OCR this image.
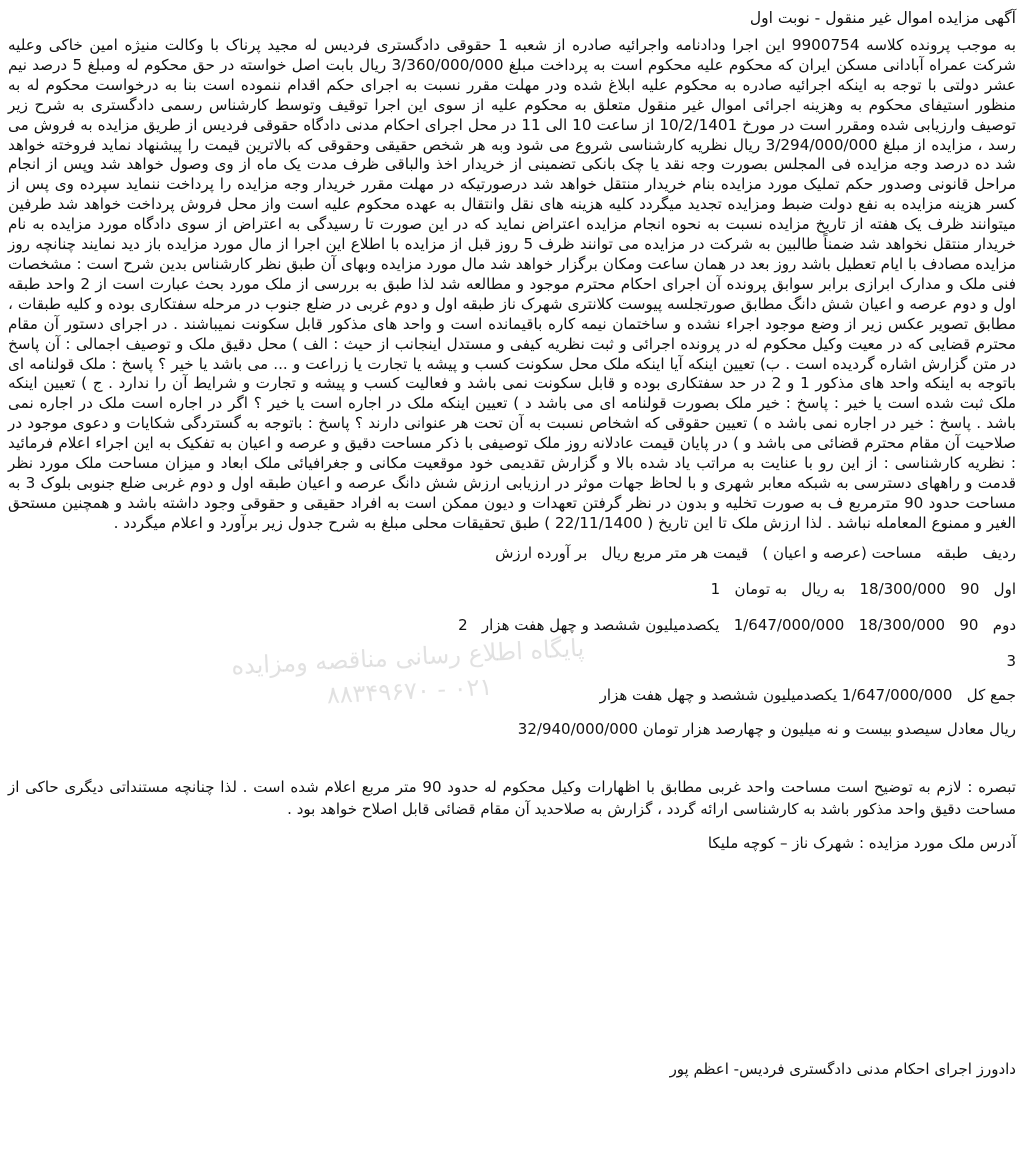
آگهی مزایده اموال غیر منقول - نوبت اول

به موجب پرونده کلاسه 9900754 این اجرا ودادنامه واجرائیه صادره از شعبه 1 حقوقی دادگستری فردیس له مجید پرناک با وکالت منیژه امین خاکی وعلیه شرکت عمراه آبادانی مسکن ایران که محکوم علیه محکوم است به پرداخت مبلغ 3/360/000/000 ریال بابت اصل خواسته در حق محکوم له ومبلغ 5 درصد نیم عشر دولتی با توجه به اینکه اجرائیه صادره به محکوم علیه ابلاغ شده ودر مهلت مقرر نسبت به اجرای حکم اقدام ننموده است بنا به درخواست محکوم له به منظور استیفای محکوم به وهزینه اجرائی اموال غیر منقول متعلق به محکوم علیه از سوی این اجرا توقیف وتوسط کارشناس رسمی دادگستری به شرح زیر توصیف وارزیابی شده ومقرر است در مورخ 10/2/1401 از ساعت 10 الی 11 در محل اجرای احکام مدنی دادگاه حقوقی فردیس از طریق مزایده به فروش می رسد ، مزایده از مبلغ 3/294/000/000 ریال نظریه کارشناسی شروع می شود وبه هر شخص حقیقی وحقوقی که بالاترین قیمت را پیشنهاد نماید فروخته خواهد شد ده درصد وجه مزایده فی المجلس بصورت وجه نقد یا چک بانکی تضمینی از خریدار اخذ والباقی ظرف مدت یک ماه از وی وصول خواهد شد وپس از انجام مراحل قانونی وصدور حکم تملیک مورد مزایده بنام خریدار منتقل خواهد شد درصورتیکه در مهلت مقرر خریدار وجه مزایده را پرداخت ننماید سپرده وی پس از کسر هزینه مزایده به نفع دولت ضبط ومزایده تجدید میگردد کلیه هزینه های نقل وانتقال به عهده محکوم علیه است واز محل فروش پرداخت خواهد شد طرفین میتوانند ظرف یک هفته از تاریخ مزایده نسبت به نحوه انجام مزایده اعتراض نماید که در این صورت تا رسیدگی به اعتراض از سوی دادگاه مورد مزایده به نام خریدار منتقل نخواهد شد ضمناً طالبین به شرکت در مزایده می توانند ظرف 5 روز قبل از مزایده با اطلاع این اجرا از مال مورد مزایده باز دید نمایند چنانچه روز مزایده مصادف با ایام تعطیل باشد روز بعد در همان ساعت ومکان برگزار خواهد شد مال مورد مزایده وبهای آن طبق نظر کارشناس بدین شرح است : مشخصات فنی ملک و مدارک ابرازی برابر سوابق پرونده آن اجرای احکام محترم موجود و مطالعه شد لذا طبق به بررسی از ملک مورد بحث عبارت است از 2 واحد طبقه اول و دوم عرصه و اعیان شش دانگ مطابق صورتجلسه پیوست کلانتری شهرک ناز طبقه اول و دوم غربی در ضلع جنوب در مرحله سفتکاری بوده و کلیه طبقات ، مطابق تصویر عکس زیر از وضع موجود اجراء نشده و ساختمان نیمه کاره باقیمانده است و واحد های مذکور قابل سکونت نمیباشند . در اجرای دستور آن مقام محترم قضایی که در معیت وکیل محکوم له در پرونده اجرائی و ثبت نظریه کیفی و مستدل اینجانب از حیث : الف ) محل دقیق ملک و توصیف اجمالی : آن پاسخ در متن گزارش اشاره گردیده است . ب) تعیین اینکه آیا اینکه ملک محل سکونت کسب و پیشه یا تجارت یا زراعت و ... می باشد یا خیر ؟ پاسخ : ملک قولنامه ای باتوجه به اینکه واحد های مذکور 1 و 2 در حد سفتکاری بوده و قابل سکونت نمی باشد و فعالیت کسب و پیشه و تجارت و شرایط آن را ندارد . ج ) تعیین اینکه ملک ثبت شده است یا خیر : پاسخ : خیر ملک بصورت قولنامه ای می باشد د ) تعیین اینکه ملک در اجاره است یا خیر ؟ اگر در اجاره است ملک در اجاره نمی باشد . پاسخ : خیر در اجاره نمی باشد ه ) تعیین حقوقی که اشخاص نسبت به آن تحت هر عنوانی دارند ؟ پاسخ : باتوجه به گستردگی شکایات و دعوی موجود در صلاحیت آن مقام محترم قضائی می باشد و ) در پایان قیمت عادلانه روز ملک توصیفی با ذکر مساحت دقیق و عرصه و اعیان به تفکیک به این اجراء اعلام فرمائید : نظریه کارشناسی : از این رو با عنایت به مراتب یاد شده بالا و گزارش تقدیمی خود موقعیت مکانی و جغرافیائی ملک ابعاد و میزان مساحت ملک مورد نظر قدمت و راههای دسترسی به شبکه معابر شهری و با لحاظ جهات موثر در ارزیابی ارزش شش دانگ عرصه و اعیان طبقه اول و دوم غربی ضلع جنوبی بلوک 3 به مساحت حدود 90 مترمربع ف به صورت تخلیه و بدون در نظر گرفتن تعهدات و دیون ممکن است به افراد حقیقی و حقوقی وجود داشته باشد و همچنین مستحق الغیر و ممنوع المعامله نباشد . لذا ارزش ملک تا این تاریخ ( 22/11/1400 ) طبق تحقیقات محلی مبلغ به شرح جدول زیر برآورد و اعلام میگردد .

ردیف   طبقه   مساحت (عرصه و اعیان )   قیمت هر متر مربع ریال   بر آورده ارزش
اول   90   18/300/000   به ریال   به تومان   1
دوم   90   18/300/000   1/647/000/000   یکصدمیلیون ششصد و چهل هفت هزار   2
3
جمع کل   1/647/000/000 یکصدمیلیون ششصد و چهل هفت هزار
ریال معادل سیصدو بیست و نه میلیون و چهارصد هزار تومان 32/940/000/000
تبصره : لازم به توضیح است مساحت واحد غربی مطابق با اظهارات وکیل محکوم له حدود 90 متر مربع اعلام شده است . لذا چنانچه مستنداتی دیگری حاکی از مساحت دقیق واحد مذکور باشد به کارشناسی ارائه گردد ، گزارش به صلاحدید آن مقام قضائی قابل اصلاح خواهد بود .
آدرس ملک مورد مزایده : شهرک ناز – کوچه ملیکا
دادورز اجرای احکام مدنی دادگستری فردیس- اعظم پور
پایگاه اطلاع رسانی مناقصه ومزایده
۰۲۱ - ۸۸۳۴۹۶۷۰
